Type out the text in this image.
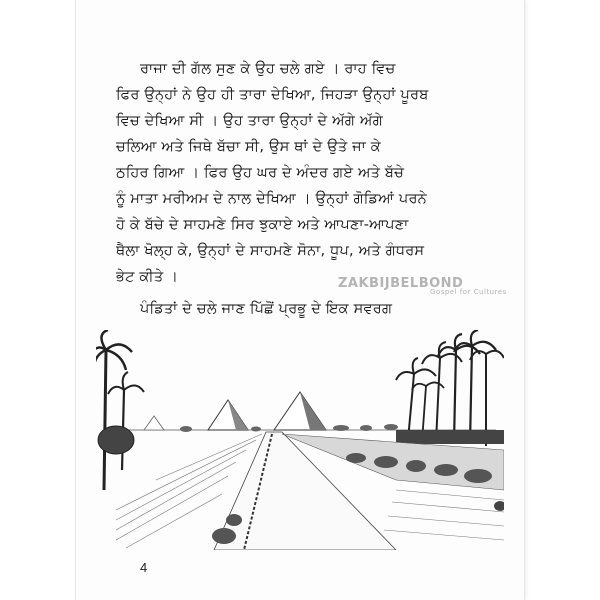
ਰਾਜਾ ਦੀ ਗੱਲ ਸੁਣ ਕੇ ਉਹ ਚਲੇ ਗਏ । ਰਾਹ ਵਿਚ
ਫਿਰ ਉਨ੍ਹਾਂ ਨੇ ਉਹ ਹੀ ਤਾਰਾ ਦੇਖਿਆ, ਜਿਹੜਾ ਉਨ੍ਹਾਂ ਪੂਰਬ
ਵਿਚ ਦੇਖਿਆ ਸੀ । ਉਹ ਤਾਰਾ ਉਨ੍ਹਾਂ ਦੇ ਅੱਗੇ ਅੱਗੇ
ਚਲਿਆ ਅਤੇ ਜਿਥੇ ਬੱਚਾ ਸੀ, ਉਸ ਥਾਂ ਦੇ ਉਤੇ ਜਾ ਕੇ
ਠਹਿਰ ਗਿਆ । ਫਿਰ ਉਹ ਘਰ ਦੇ ਅੰਦਰ ਗਏ ਅਤੇ ਬੱਚੇ
ਨੂੰ ਮਾਤਾ ਮਰੀਅਮ ਦੇ ਨਾਲ ਦੇਖਿਆ । ਉਨ੍ਹਾਂ ਗੋਡਿਆਂ ਪਰਨੇ
ਹੋ ਕੇ ਬੱਚੇ ਦੇ ਸਾਹਮਣੇ ਸਿਰ ਝੁਕਾਏ ਅਤੇ ਆਪਣਾ-ਆਪਣਾ
ਥੈਲਾ ਖੋਲ੍ਹ ਕੇ, ਉਨ੍ਹਾਂ ਦੇ ਸਾਹਮਣੇ ਸੋਨਾ, ਧੂਪ, ਅਤੇ ਗੰਧਰਸ
ਭੇਟ ਕੀਤੇ ।
ਪੰਡਿਤਾਂ ਦੇ ਚਲੇ ਜਾਣ ਪਿੱਛੋਂ ਪ੍ਰਭੂ ਦੇ ਇਕ ਸਵਰਗ
ZAKBIJBELBOND
Gospel for Cultures
4
